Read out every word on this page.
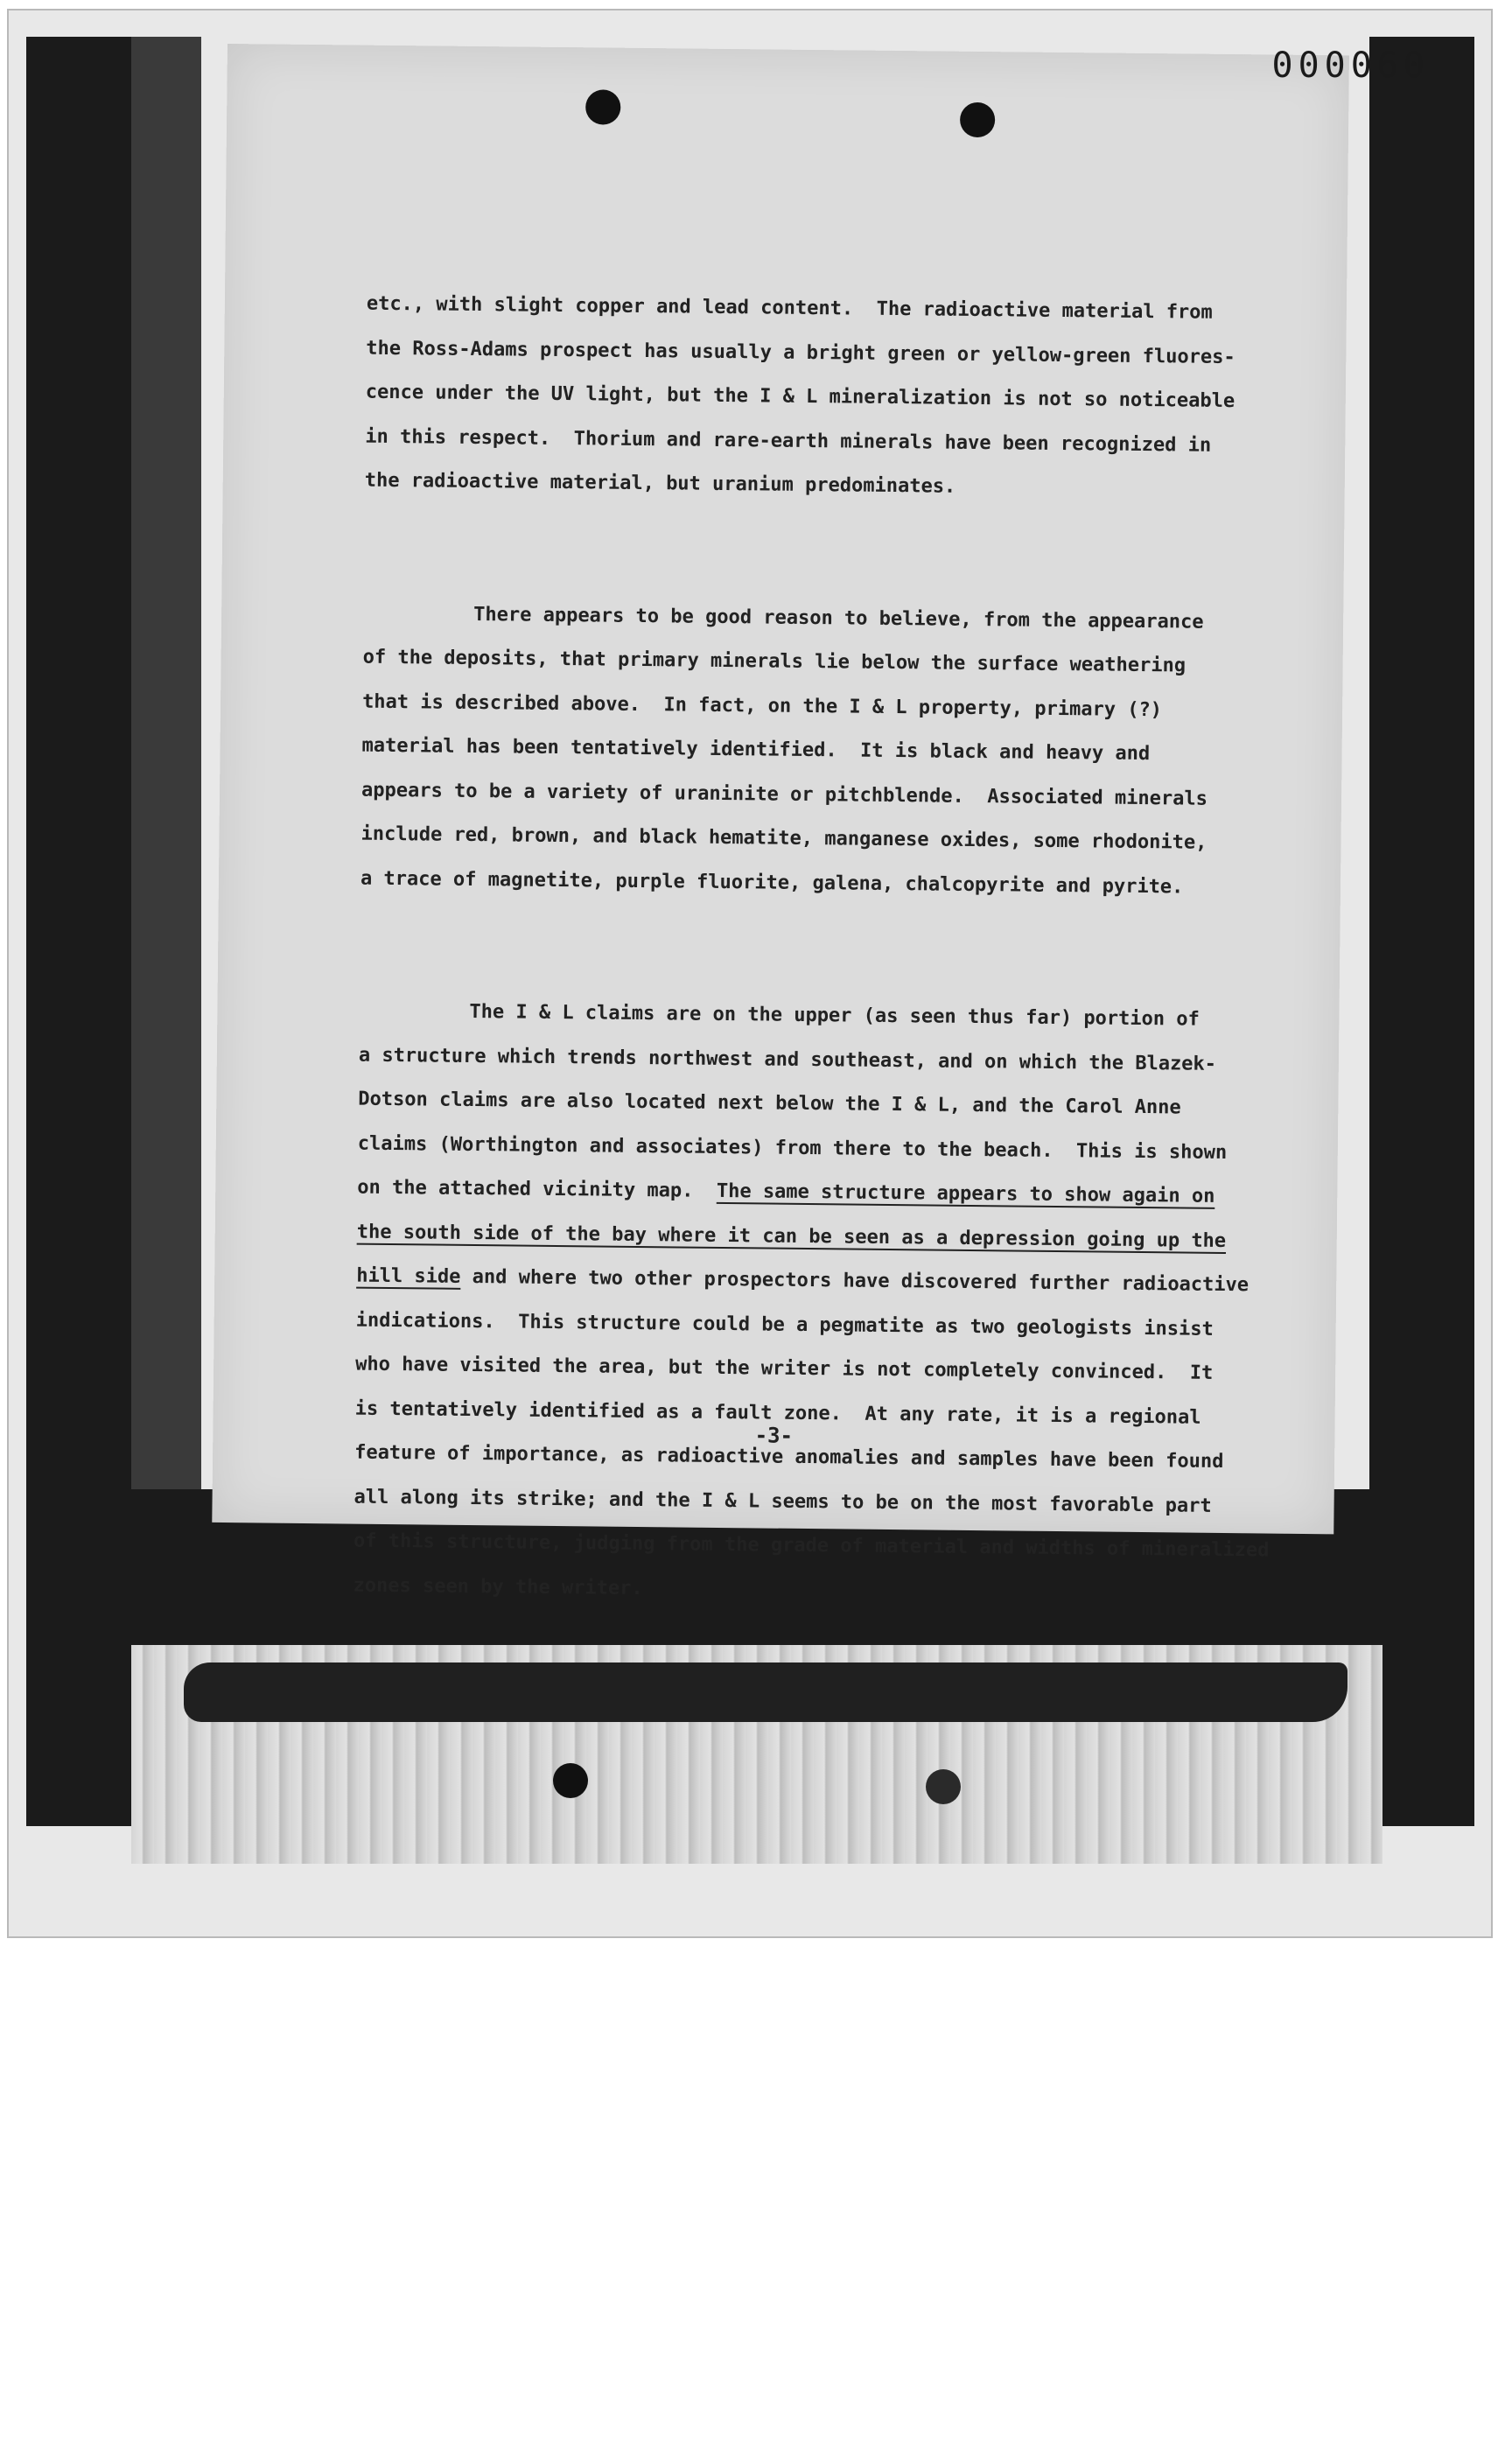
etc., with slight copper and lead content.  The radioactive material from
the Ross-Adams prospect has usually a bright green or yellow-green fluores-
cence under the UV light, but the I & L mineralization is not so noticeable
in this respect.  Thorium and rare-earth minerals have been recognized in
the radioactive material, but uranium predominates.

There appears to be good reason to believe, from the appearance
of the deposits, that primary minerals lie below the surface weathering
that is described above.  In fact, on the I & L property, primary (?)
material has been tentatively identified.  It is black and heavy and
appears to be a variety of uraninite or pitchblende.  Associated minerals
include red, brown, and black hematite, manganese oxides, some rhodonite,
a trace of magnetite, purple fluorite, galena, chalcopyrite and pyrite.

The I & L claims are on the upper (as seen thus far) portion of
a structure which trends northwest and southeast, and on which the Blazek-
Dotson claims are also located next below the I & L, and the Carol Anne
claims (Worthington and associates) from there to the beach.  This is shown
on the attached vicinity map.  The same structure appears to show again on
the south side of the bay where it can be seen as a depression going up the
hill side and where two other prospectors have discovered further radioactive
indications.  This structure could be a pegmatite as two geologists insist
who have visited the area, but the writer is not completely convinced.  It
is tentatively identified as a fault zone.  At any rate, it is a regional
feature of importance, as radioactive anomalies and samples have been found
all along its strike; and the I & L seems to be on the most favorable part
of this structure, judging from the grade of material and widths of mineralized
zones seen by the writer.

-3-
000060
